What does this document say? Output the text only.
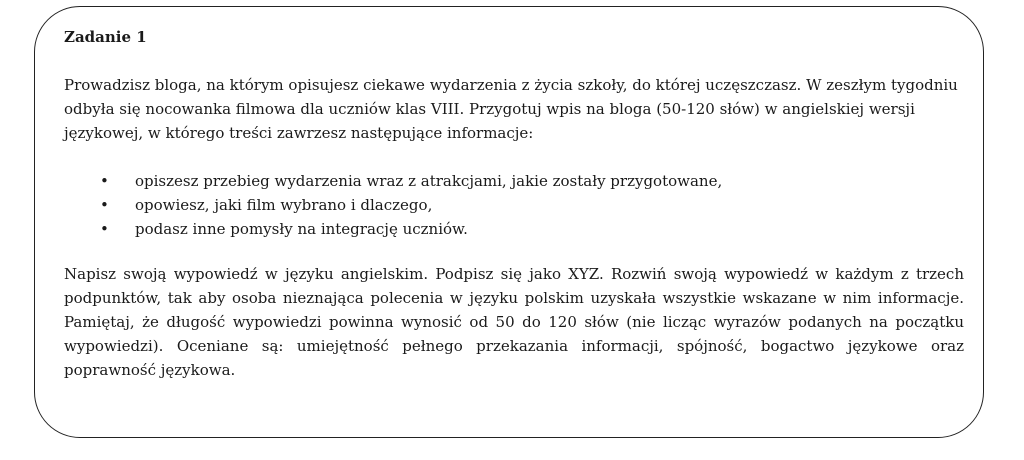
Zadanie 1

Prowadzisz bloga, na którym opisujesz ciekawe wydarzenia z życia szkoły, do której uczęszczasz. W zeszłym tygodniu odbyła się nocowanka filmowa dla uczniów klas VIII. Przygotuj wpis na bloga (50-120 słów) w angielskiej wersji językowej, w którego treści zawrzesz następujące informacje:

• opiszesz przebieg wydarzenia wraz z atrakcjami, jakie zostały przygotowane,
• opowiesz, jaki film wybrano i dlaczego,
• podasz inne pomysły na integrację uczniów.

Napisz swoją wypowiedź w języku angielskim. Podpisz się jako XYZ. Rozwiń swoją wypowiedź w każdym z trzech podpunktów, tak aby osoba nieznająca polecenia w języku polskim uzyskała wszystkie wskazane w nim informacje. Pamiętaj, że długość wypowiedzi powinna wynosić od 50 do 120 słów (nie licząc wyrazów podanych na początku wypowiedzi). Oceniane są: umiejętność pełnego przekazania informacji, spójność, bogactwo językowe oraz poprawność językowa.
